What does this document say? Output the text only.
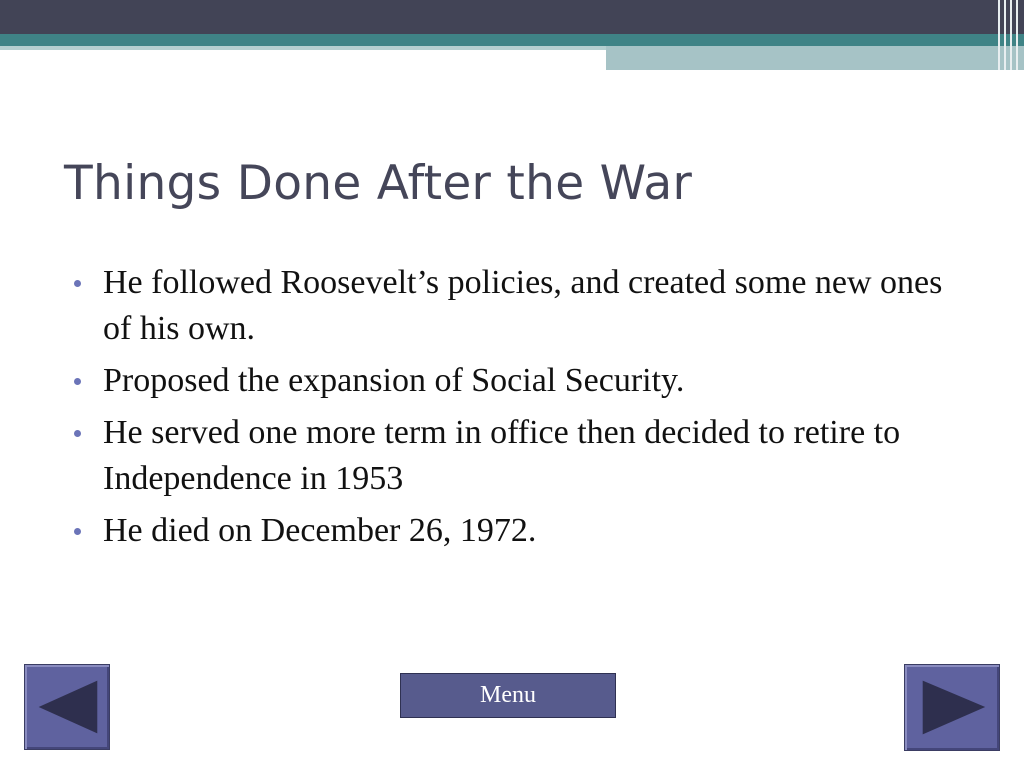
Things Done After the War
He followed Roosevelt’s policies, and created some new ones of his own.
Proposed the expansion of Social Security.
He served one more term in office then decided to retire to Independence in 1953
He died on December 26, 1972.
Menu
